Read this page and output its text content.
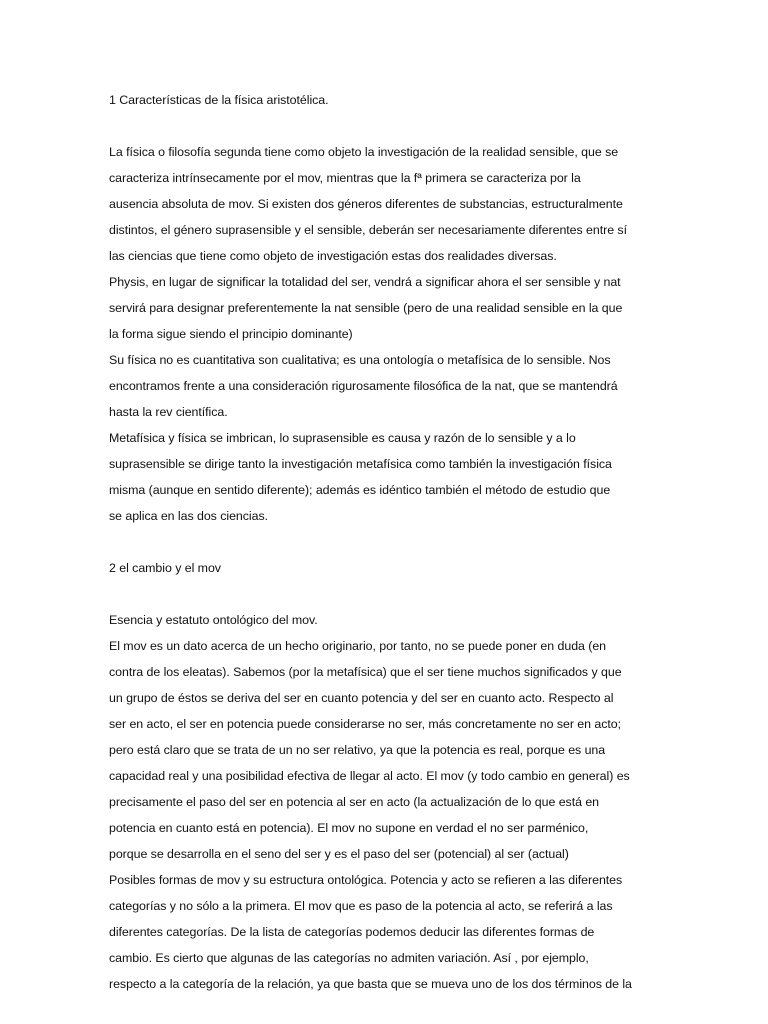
1 Características de la física aristotélica.
La física o filosofía segunda tiene como objeto la investigación de la realidad sensible, que se
caracteriza intrínsecamente por el mov, mientras que la fª primera se caracteriza por la
ausencia absoluta de mov. Si existen dos géneros diferentes de substancias, estructuralmente
distintos, el género suprasensible y el sensible, deberán ser necesariamente diferentes entre sí
las ciencias que tiene como objeto de investigación estas dos realidades diversas.
Physis, en lugar de significar la totalidad del ser, vendrá a significar ahora el ser sensible y nat
servirá para designar preferentemente la nat sensible (pero de una realidad sensible en la que
la forma sigue siendo el principio dominante)
Su física no es cuantitativa son cualitativa; es una ontología o metafísica de lo sensible. Nos
encontramos frente a una consideración rigurosamente filosófica de la nat, que se mantendrá
hasta la rev científica.
Metafísica y física se imbrican, lo suprasensible es causa y razón de lo sensible y a lo
suprasensible se dirige tanto la investigación metafísica como también la investigación física
misma (aunque en sentido diferente); además es idéntico también el método de estudio que
se aplica en las dos ciencias.
2 el cambio y el mov
Esencia y estatuto ontológico del mov.
El mov es un dato acerca de un hecho originario, por tanto, no se puede poner en duda (en
contra de los eleatas). Sabemos (por la metafísica) que el ser tiene muchos significados y que
un grupo de éstos se deriva del ser en cuanto potencia y del ser en cuanto acto. Respecto al
ser en acto, el ser en potencia puede considerarse no ser, más concretamente no ser en acto;
pero está claro que se trata de un no ser relativo, ya que la potencia es real, porque es una
capacidad real y una posibilidad efectiva de llegar al acto. El mov (y todo cambio en general) es
precisamente el paso del ser en potencia al ser en acto (la actualización de lo que está en
potencia en cuanto está en potencia). El mov no supone en verdad el no ser parménico,
porque se desarrolla en el seno del ser y es el paso del ser (potencial) al ser (actual)
Posibles formas de mov y su estructura ontológica. Potencia y acto se refieren a las diferentes
categorías y no sólo a la primera. El mov que es paso de la potencia al acto, se referirá a las
diferentes categorías. De la lista de categorías podemos deducir las diferentes formas de
cambio. Es cierto que algunas de las categorías no admiten variación. Así , por ejemplo,
respecto a la categoría de la relación, ya que basta que se mueva uno de los dos términos de la
